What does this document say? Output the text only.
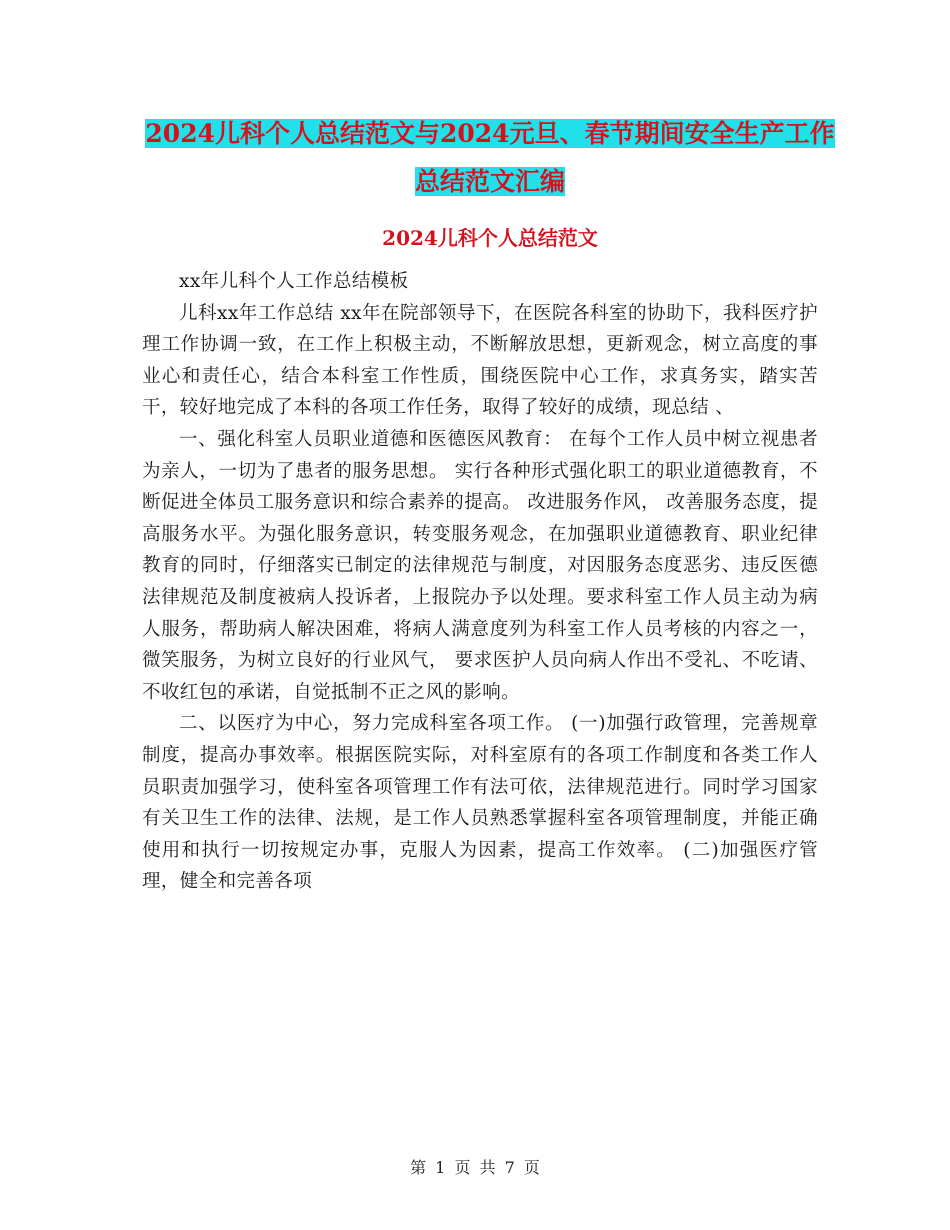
2024儿科个人总结范文与2024元旦、春节期间安全生产工作总结范文汇编
2024儿科个人总结范文

xx年儿科个人工作总结模板

儿科xx年工作总结 xx年在院部领导下，在医院各科室的协助下，我科医疗护理工作协调一致，在工作上积极主动，不断解放思想，更新观念，树立高度的事业心和责任心，结合本科室工作性质，围绕医院中心工作，求真务实，踏实苦干，较好地完成了本科的各项工作任务，取得了较好的成绩，现总结 、

一、强化科室人员职业道德和医德医风教育： 在每个工作人员中树立视患者为亲人，一切为了患者的服务思想。 实行各种形式强化职工的职业道德教育，不断促进全体员工服务意识和综合素养的提高。 改进服务作风， 改善服务态度，提高服务水平。为强化服务意识，转变服务观念，在加强职业道德教育、职业纪律教育的同时，仔细落实已制定的法律规范与制度，对因服务态度恶劣、违反医德法律规范及制度被病人投诉者，上报院办予以处理。要求科室工作人员主动为病人服务，帮助病人解决困难，将病人满意度列为科室工作人员考核的内容之一，微笑服务，为树立良好的行业风气， 要求医护人员向病人作出不受礼、不吃请、不收红包的承诺，自觉抵制不正之风的影响。

二、以医疗为中心，努力完成科室各项工作。 (一)加强行政管理，完善规章制度，提高办事效率。根据医院实际，对科室原有的各项工作制度和各类工作人员职责加强学习，使科室各项管理工作有法可依，法律规范进行。同时学习国家有关卫生工作的法律、法规，是工作人员熟悉掌握科室各项管理制度，并能正确使用和执行一切按规定办事，克服人为因素，提高工作效率。 (二)加强医疗管理，健全和完善各项

第 1 页 共 7 页
